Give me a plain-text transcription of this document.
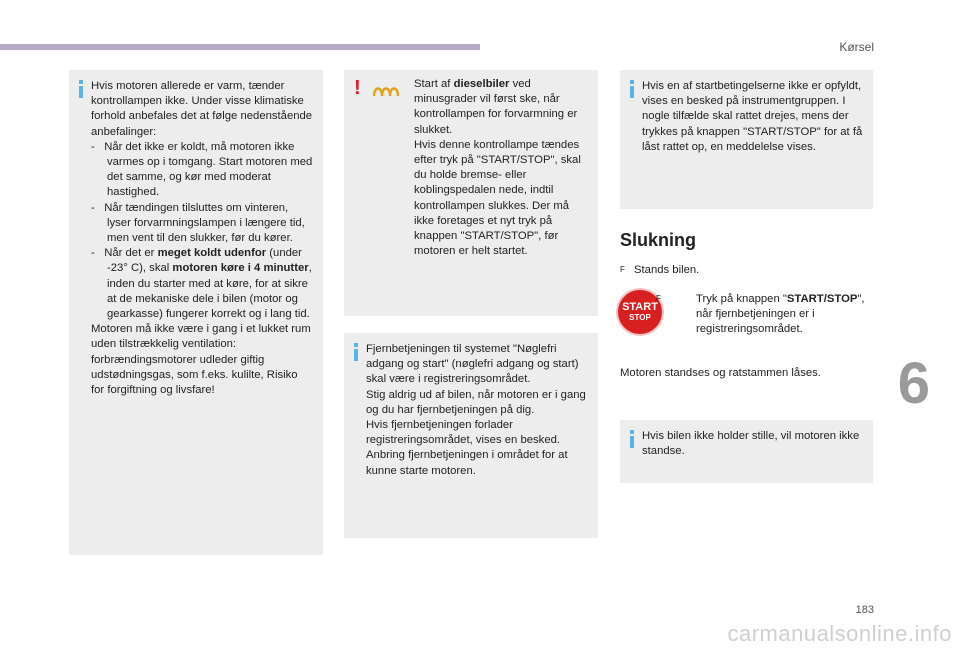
Kørsel
6

Hvis motoren allerede er varm, tænder kontrollampen ikke. Under visse klimatiske forhold anbefales det at følge nedenstående anbefalinger:

- Når det ikke er koldt, må motoren ikke varmes op i tomgang. Start motoren med det samme, og kør med moderat hastighed.

- Når tændingen tilsluttes om vinteren, lyser forvarmningslampen i længere tid, men vent til den slukker, før du kører.

- Når det er meget koldt udenfor (under -23° C), skal motoren køre i 4 minutter, inden du starter med at køre, for at sikre at de mekaniske dele i bilen (motor og gearkasse) fungerer korrekt og i lang tid.

Motoren må ikke være i gang i et lukket rum uden tilstrækkelig ventilation: forbrændingsmotorer udleder giftig udstødningsgas, som f.eks. kulilte, Risiko for forgiftning og livsfare!

!	Start af dieselbiler ved minusgrader vil først ske, når kontrollampen for forvarmning er slukket.

Hvis denne kontrollampe tændes efter tryk på "START/STOP", skal du holde bremse- eller koblingspedalen nede, indtil kontrollampen slukkes. Der må ikke foretages et nyt tryk på knappen "START/STOP", før motoren er helt startet.

Fjernbetjeningen til systemet "Nøglefri adgang og start" (nøglefri adgang og start) skal være i registreringsområdet.
Stig aldrig ud af bilen, når motoren er i gang og du har fjernbetjeningen på dig.
Hvis fjernbetjeningen forlader registreringsområdet, vises en besked.
Anbring fjernbetjeningen i området for at kunne starte motoren.

Hvis en af startbetingelserne ikke er opfyldt, vises en besked på instrumentgruppen. I nogle tilfælde skal rattet drejes, mens der trykkes på knappen "START/STOP" for at få låst rattet op, en meddelelse vises.

Slukning
F Stands bilen.
START
STOP
F	Tryk på knappen "START/STOP", når fjernbetjeningen er i registreringsområdet.
Motoren standses og ratstammen låses.

Hvis bilen ikke holder stille, vil motoren ikke standse.

183
carmanualsonline.info
